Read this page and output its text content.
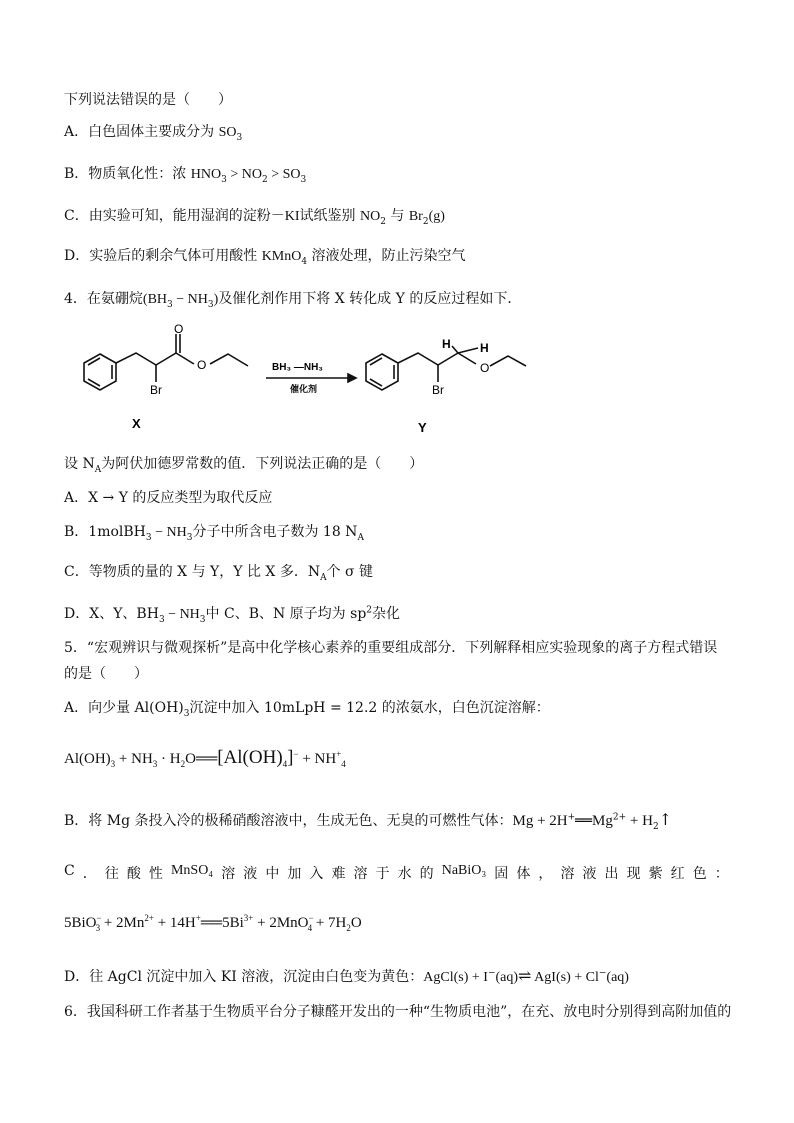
下列说法错误的是（　　）
A．白色固体主要成分为 $SO_3$
B．物质氧化性：浓 $HNO_3 > NO_2 > SO_3$
C．由实验可知，能用湿润的淀粉－KI试纸鉴别 $NO_2$ 与 $Br_2(g)$
D．实验后的剩余气体可用酸性 KMnO$_4$ 溶液处理，防止污染空气
4．在氨硼烷$(BH_3 - NH_3)$及催化剂作用下将 X 转化成 Y 的反应过程如下．
O
O
Br
X
BH₃ —NH₃
催化剂
H H
O
Br
Y
设 $N_A$为阿伏加德罗常数的值．下列说法正确的是（　　）
A．X → Y 的反应类型为取代反应
B．1molBH$_3$ − $NH_3$分子中所含电子数为 18 $N_A$
C．等物质的量的 X 与 Y，Y 比 X 多．$N_A$个 σ 键
D．X、Y、$BH_3 - NH_3$中 C、B、N 原子均为 $sp^2$杂化
5．“宏观辨识与微观探析”是高中化学核心素养的重要组成部分．下列解释相应实验现象的离子方程式错误
的是（　　）
A．向少量 $Al(OH)_3$沉淀中加入 10mLpH = 12.2 的浓氨水，白色沉淀溶解：
$Al(OH)_3 + NH_3$ · $H_2O══[Al(OH)_4]^- + NH^+_4$
B．将 Mg 条投入冷的极稀硝酸溶液中，生成无色、无臭的可燃性气体：$Mg + 2H^+══Mg^{2+}$ + $H_2↑$
C ． 往 酸 性 MnSO₄ 溶 液 中 加 入 难 溶 于 水 的 NaBiO₃ 固 体 ， 溶 液 出 现 紫 红 色 ：
$5BiO^-_3 + 2Mn^{2+}$ + $14H^+══5Bi^{3+} + 2MnO^-_4 + 7H_2O$
D．往 AgCl 沉淀中加入 KI 溶液，沉淀由白色变为黄色：AgCl(s) + I−(aq)⇌ AgI(s) + Cl−(aq)
6．我国科研工作者基于生物质平台分子糠醛开发出的一种“生物质电池”，在充、放电时分别得到高附加值的
